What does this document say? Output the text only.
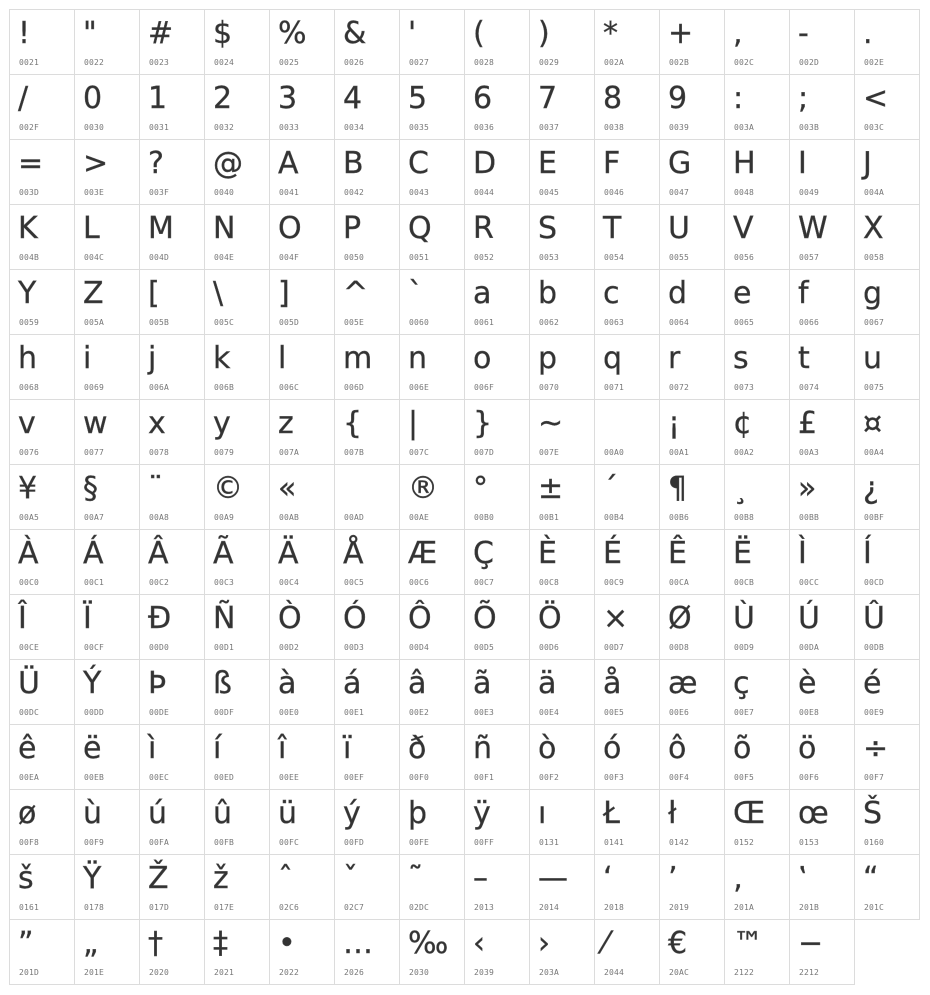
!
0021
"
0022
#
0023
$
0024
%
0025
&
0026
'
0027
(
0028
)
0029
*
002A
+
002B
,
002C
-
002D
.
002E
/
002F
0
0030
1
0031
2
0032
3
0033
4
0034
5
0035
6
0036
7
0037
8
0038
9
0039
:
003A
;
003B
<
003C
=
003D
>
003E
?
003F
@
0040
A
0041
B
0042
C
0043
D
0044
E
0045
F
0046
G
0047
H
0048
I
0049
J
004A
K
004B
L
004C
M
004D
N
004E
O
004F
P
0050
Q
0051
R
0052
S
0053
T
0054
U
0055
V
0056
W
0057
X
0058
Y
0059
Z
005A
[
005B
\
005C
]
005D
^
005E
`
0060
a
0061
b
0062
c
0063
d
0064
e
0065
f
0066
g
0067
h
0068
i
0069
j
006A
k
006B
l
006C
m
006D
n
006E
o
006F
p
0070
q
0071
r
0072
s
0073
t
0074
u
0075
v
0076
w
0077
x
0078
y
0079
z
007A
{
007B
|
007C
}
007D
~
007E
	00A0
¡
00A1
¢
00A2
£
00A3
¤
00A4
¥
00A5
§
00A7
¨
00A8
©
00A9
«
00AB
	00AD
®
00AE
°
00B0
±
00B1
´
00B4
¶
00B6
¸
00B8
»
00BB
¿
00BF
À
00C0
Á
00C1
Â
00C2
Ã
00C3
Ä
00C4
Å
00C5
Æ
00C6
Ç
00C7
È
00C8
É
00C9
Ê
00CA
Ë
00CB
Ì
00CC
Í
00CD
Î
00CE
Ï
00CF
Ð
00D0
Ñ
00D1
Ò
00D2
Ó
00D3
Ô
00D4
Õ
00D5
Ö
00D6
×
00D7
Ø
00D8
Ù
00D9
Ú
00DA
Û
00DB
Ü
00DC
Ý
00DD
Þ
00DE
ß
00DF
à
00E0
á
00E1
â
00E2
ã
00E3
ä
00E4
å
00E5
æ
00E6
ç
00E7
è
00E8
é
00E9
ê
00EA
ë
00EB
ì
00EC
í
00ED
î
00EE
ï
00EF
ð
00F0
ñ
00F1
ò
00F2
ó
00F3
ô
00F4
õ
00F5
ö
00F6
÷
00F7
ø
00F8
ù
00F9
ú
00FA
û
00FB
ü
00FC
ý
00FD
þ
00FE
ÿ
00FF
ı
0131
Ł
0141
ł
0142
Œ
0152
œ
0153
Š
0160
š
0161
Ÿ
0178
Ž
017D
ž
017E
ˆ
02C6
ˇ
02C7
˜
02DC
–
2013
—
2014
‘
2018
’
2019
‚
201A
‛
201B
“
201C
”
201D
„
201E
†
2020
‡
2021
•
2022
…
2026
‰
2030
‹
2039
›
203A
⁄
2044
€
20AC
™
2122
−
2212
